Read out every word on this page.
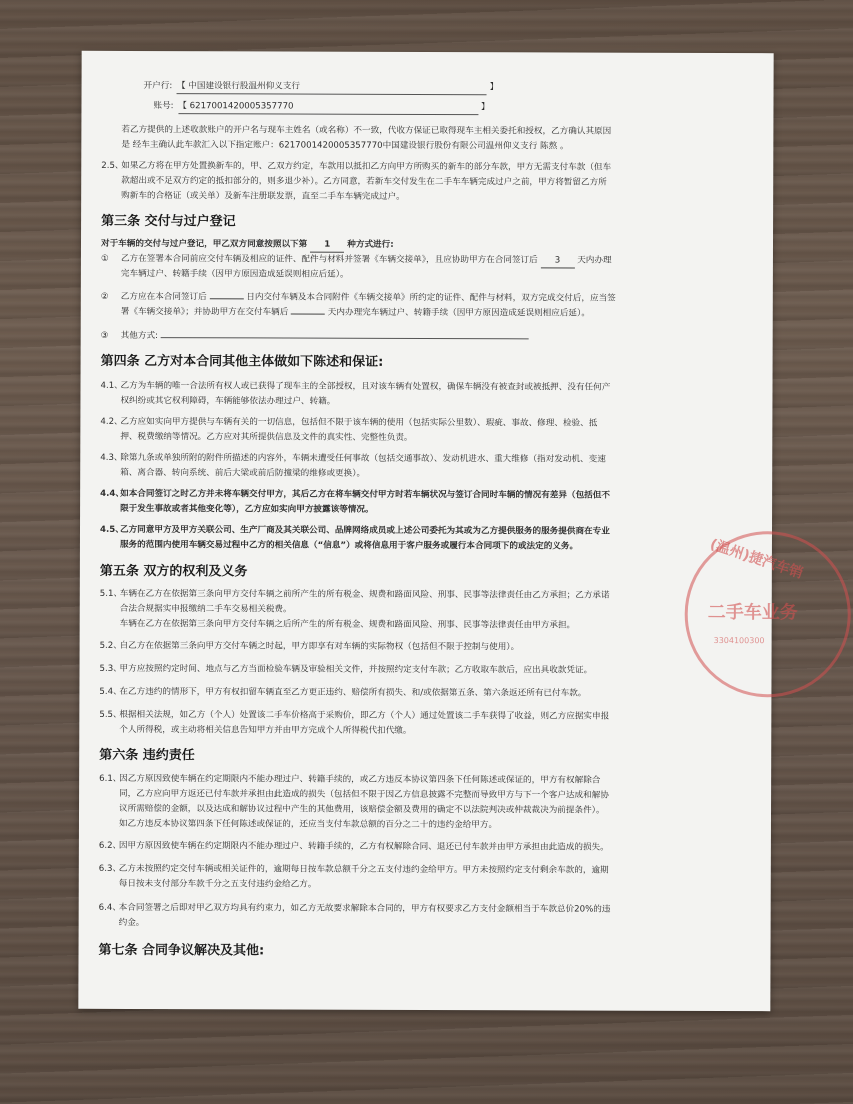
开户行: 【 中国建设银行股温州仰义支行	】
账号: 【 6217001420005357770	】
若乙方提供的上述收款账户的开户名与现车主姓名（或名称）不一致，代收方保证已取得现车主相关委托和授权，乙方确认其原因
是 经车主确认此车款汇入以下指定账户：6217001420005357770中国建设银行股份有限公司温州仰义支行 陈熬 。
2.5、
如果乙方将在甲方处置换新车的，甲、乙双方约定，车款用以抵扣乙方向甲方所购买的新车的部分车款，甲方无需支付车款（但车
款超出或不足双方约定的抵扣部分的，则多退少补）。乙方同意，若新车交付发生在二手车车辆完成过户之前，甲方将暂留乙方所
购新车的合格证（或关单）及新车注册联发票，直至二手车车辆完成过户。
第三条 交付与过户登记
对于车辆的交付与过户登记，甲乙双方同意按照以下第 1 种方式进行:
① 乙方在签署本合同前应交付车辆及相应的证件、配件与材料并签署《车辆交接单》，且应协助甲方在合同签订后 3 天内办理
完车辆过户、转籍手续（因甲方原因造成延误则相应后延）。
② 乙方应在本合同签订后	日内交付车辆及本合同附件《车辆交接单》所约定的证件、配件与材料，双方完成交付后，应当签
署《车辆交接单》；并协助甲方在交付车辆后	天内办理完车辆过户、转籍手续（因甲方原因造成延误则相应后延）。
③ 其他方式:
第四条 乙方对本合同其他主体做如下陈述和保证:
4.1、
乙方为车辆的唯一合法所有权人或已获得了现车主的全部授权，且对该车辆有处置权，确保车辆没有被查封或被抵押、没有任何产
权纠纷或其它权利障碍，车辆能够依法办理过户、转籍。
4.2、
乙方应如实向甲方提供与车辆有关的一切信息，包括但不限于该车辆的使用（包括实际公里数）、瑕疵、事故、修理、检验、抵
押、税费缴纳等情况。乙方应对其所提供信息及文件的真实性、完整性负责。
4.3、
除第九条或单独所附的附件所描述的内容外，车辆未遭受任何事故（包括交通事故）、发动机进水、重大维修（指对发动机、变速
箱、离合器、转向系统、前后大梁或前后防撞梁的维修或更换）。
4.4、
如本合同签订之时乙方并未将车辆交付甲方，其后乙方在将车辆交付甲方时若车辆状况与签订合同时车辆的情况有差异（包括但不
限于发生事故或者其他变化等），乙方应如实向甲方披露该等情况。
4.5、
乙方同意甲方及甲方关联公司、生产厂商及其关联公司、品牌网络成员或上述公司委托为其或为乙方提供服务的服务提供商在专业
服务的范围内使用车辆交易过程中乙方的相关信息（“信息”）或将信息用于客户服务或履行本合同项下的或法定的义务。
第五条 双方的权利及义务
5.1、
车辆在乙方在依据第三条向甲方交付车辆之前所产生的所有税金、规费和路面风险、刑事、民事等法律责任由乙方承担；乙方承诺
合法合规据实申报缴纳二手车交易相关税费。
车辆在乙方在依据第三条向甲方交付车辆之后所产生的所有税金、规费和路面风险、刑事、民事等法律责任由甲方承担。
5.2、
自乙方在依据第三条向甲方交付车辆之时起，甲方即享有对车辆的实际物权（包括但不限于控制与使用）。
5.3、
甲方应按照约定时间、地点与乙方当面检验车辆及审验相关文件，并按照约定支付车款；乙方收取车款后，应出具收款凭证。
5.4、
在乙方违约的情形下，甲方有权扣留车辆直至乙方更正违约、赔偿所有损失、和/或依据第五条、第六条返还所有已付车款。
5.5、
根据相关法规，如乙方（个人）处置该二手车价格高于采购价，即乙方（个人）通过处置该二手车获得了收益，则乙方应据实申报
个人所得税，或主动将相关信息告知甲方并由甲方完成个人所得税代扣代缴。
第六条 违约责任
6.1、
因乙方原因致使车辆在约定期限内不能办理过户、转籍手续的，或乙方违反本协议第四条下任何陈述或保证的，甲方有权解除合
同，乙方应向甲方返还已付车款并承担由此造成的损失（包括但不限于因乙方信息披露不完整而导致甲方与下一个客户达成和解协
议所需赔偿的金额，以及达成和解协议过程中产生的其他费用，该赔偿金额及费用的确定不以法院判决或仲裁裁决为前提条件）。
如乙方违反本协议第四条下任何陈述或保证的，还应当支付车款总额的百分之二十的违约金给甲方。
6.2、
因甲方原因致使车辆在约定期限内不能办理过户、转籍手续的，乙方有权解除合同、退还已付车款并由甲方承担由此造成的损失。
6.3、
乙方未按照约定交付车辆或相关证件的，逾期每日按车款总额千分之五支付违约金给甲方。甲方未按照约定支付剩余车款的，逾期
每日按未支付部分车款千分之五支付违约金给乙方。
6.4、
本合同签署之后即对甲乙双方均具有约束力，如乙方无故要求解除本合同的，甲方有权要求乙方支付金额相当于车款总价20%的违
约金。
第七条 合同争议解决及其他:
(温州)捷汽车销
二手车业务
3304100300
